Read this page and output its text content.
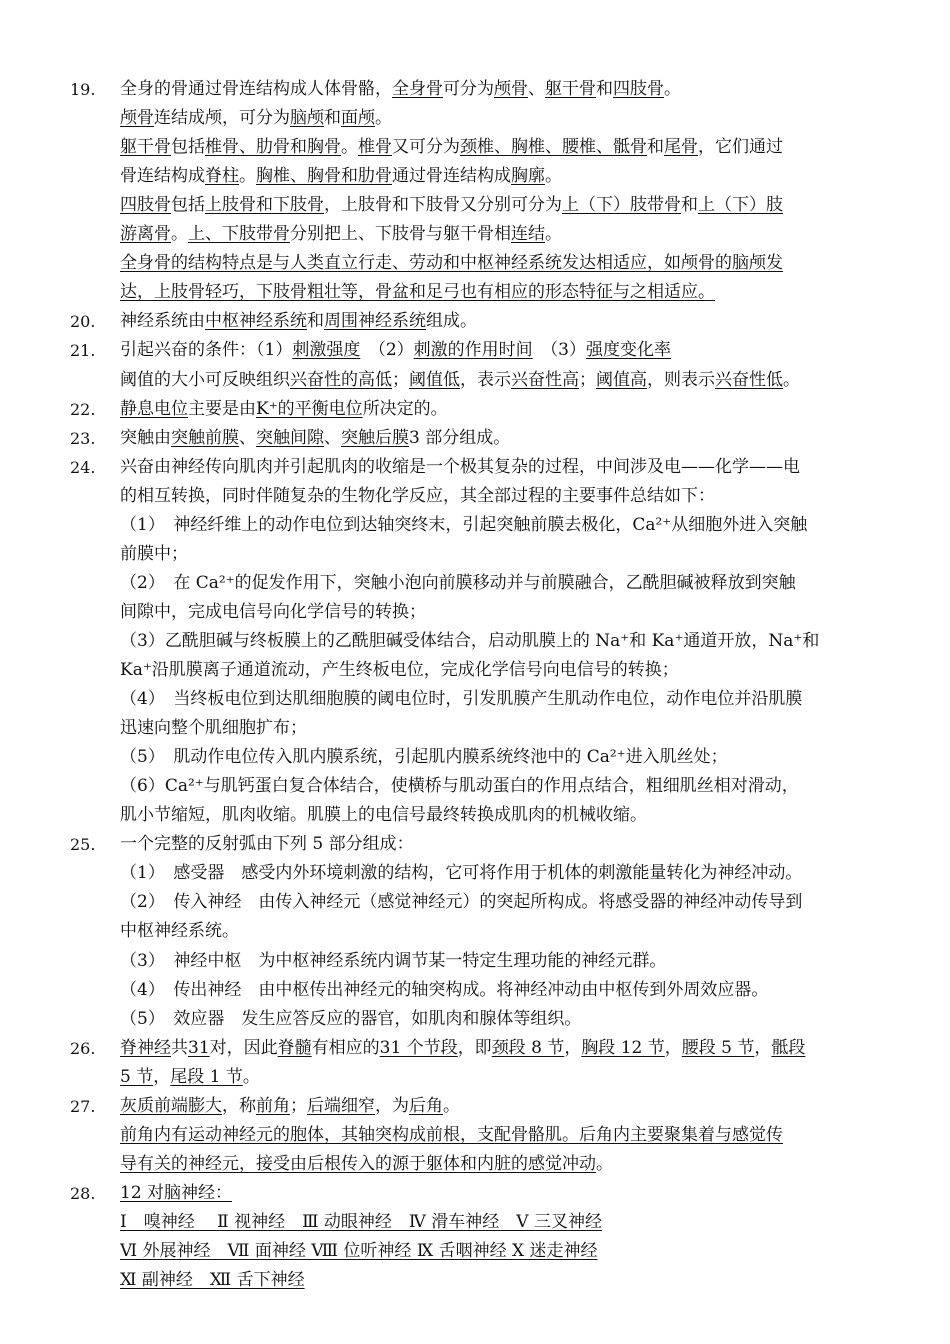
19.	全身的骨通过骨连结构成人体骨骼，全身骨可分为颅骨、躯干骨和四肢骨。
颅骨连结成颅，可分为脑颅和面颅。
躯干骨包括椎骨、肋骨和胸骨。椎骨又可分为颈椎、胸椎、腰椎、骶骨和尾骨，它们通过
骨连结构成脊柱。胸椎、胸骨和肋骨通过骨连结构成胸廓。
四肢骨包括上肢骨和下肢骨，上肢骨和下肢骨又分别可分为上（下）肢带骨和上（下）肢
游离骨。上、下肢带骨分别把上、下肢骨与躯干骨相连结。
全身骨的结构特点是与人类直立行走、劳动和中枢神经系统发达相适应，如颅骨的脑颅发
达，上肢骨轻巧，下肢骨粗壮等，骨盆和足弓也有相应的形态特征与之相适应。
20.	神经系统由中枢神经系统和周围神经系统组成。
21.	引起兴奋的条件：（1）刺激强度　（2）刺激的作用时间　（3）强度变化率
阈值的大小可反映组织兴奋性的高低；阈值低，表示兴奋性高；阈值高，则表示兴奋性低。
22.	静息电位主要是由K⁺的平衡电位所决定的。
23.	突触由突触前膜、突触间隙、突触后膜3 部分组成。
24.	兴奋由神经传向肌肉并引起肌肉的收缩是一个极其复杂的过程，中间涉及电——化学——电
的相互转换，同时伴随复杂的生物化学反应，其全部过程的主要事件总结如下：
（1）　神经纤维上的动作电位到达轴突终末，引起突触前膜去极化，Ca²⁺从细胞外进入突触
前膜中；
（2）　在 Ca²⁺的促发作用下，突触小泡向前膜移动并与前膜融合，乙酰胆碱被释放到突触
间隙中，完成电信号向化学信号的转换；
（3）乙酰胆碱与终板膜上的乙酰胆碱受体结合，启动肌膜上的 Na⁺和 Ka⁺通道开放，Na⁺和
Ka⁺沿肌膜离子通道流动，产生终板电位，完成化学信号向电信号的转换；
（4）　当终板电位到达肌细胞膜的阈电位时，引发肌膜产生肌动作电位，动作电位并沿肌膜
迅速向整个肌细胞扩布；
（5）　肌动作电位传入肌内膜系统，引起肌内膜系统终池中的 Ca²⁺进入肌丝处；
（6）Ca²⁺与肌钙蛋白复合体结合，使横桥与肌动蛋白的作用点结合，粗细肌丝相对滑动，
肌小节缩短，肌肉收缩。肌膜上的电信号最终转换成肌肉的机械收缩。
25.	一个完整的反射弧由下列 5 部分组成：
（1）　感受器　感受内外环境刺激的结构，它可将作用于机体的刺激能量转化为神经冲动。
（2）　传入神经　由传入神经元（感觉神经元）的突起所构成。将感受器的神经冲动传导到
中枢神经系统。
（3）　神经中枢　为中枢神经系统内调节某一特定生理功能的神经元群。
（4）　传出神经　由中枢传出神经元的轴突构成。将神经冲动由中枢传到外周效应器。
（5）　效应器　发生应答反应的器官，如肌肉和腺体等组织。
26.	脊神经共31对，因此脊髓有相应的31 个节段，即颈段 8 节，胸段 12 节，腰段 5 节，骶段
5 节，尾段 1 节。
27.	灰质前端膨大，称前角；后端细窄，为后角。
前角内有运动神经元的胞体，其轴突构成前根，支配骨骼肌。后角内主要聚集着与感觉传
导有关的神经元，接受由后根传入的源于躯体和内脏的感觉冲动。
28.	12 对脑神经：
Ⅰ　嗅神经　 Ⅱ 视神经　Ⅲ 动眼神经　Ⅳ 滑车神经　Ⅴ 三叉神经
Ⅵ 外展神经　Ⅶ 面神经 Ⅷ 位听神经 Ⅸ 舌咽神经 Ⅹ 迷走神经
Ⅺ 副神经　Ⅻ 舌下神经
